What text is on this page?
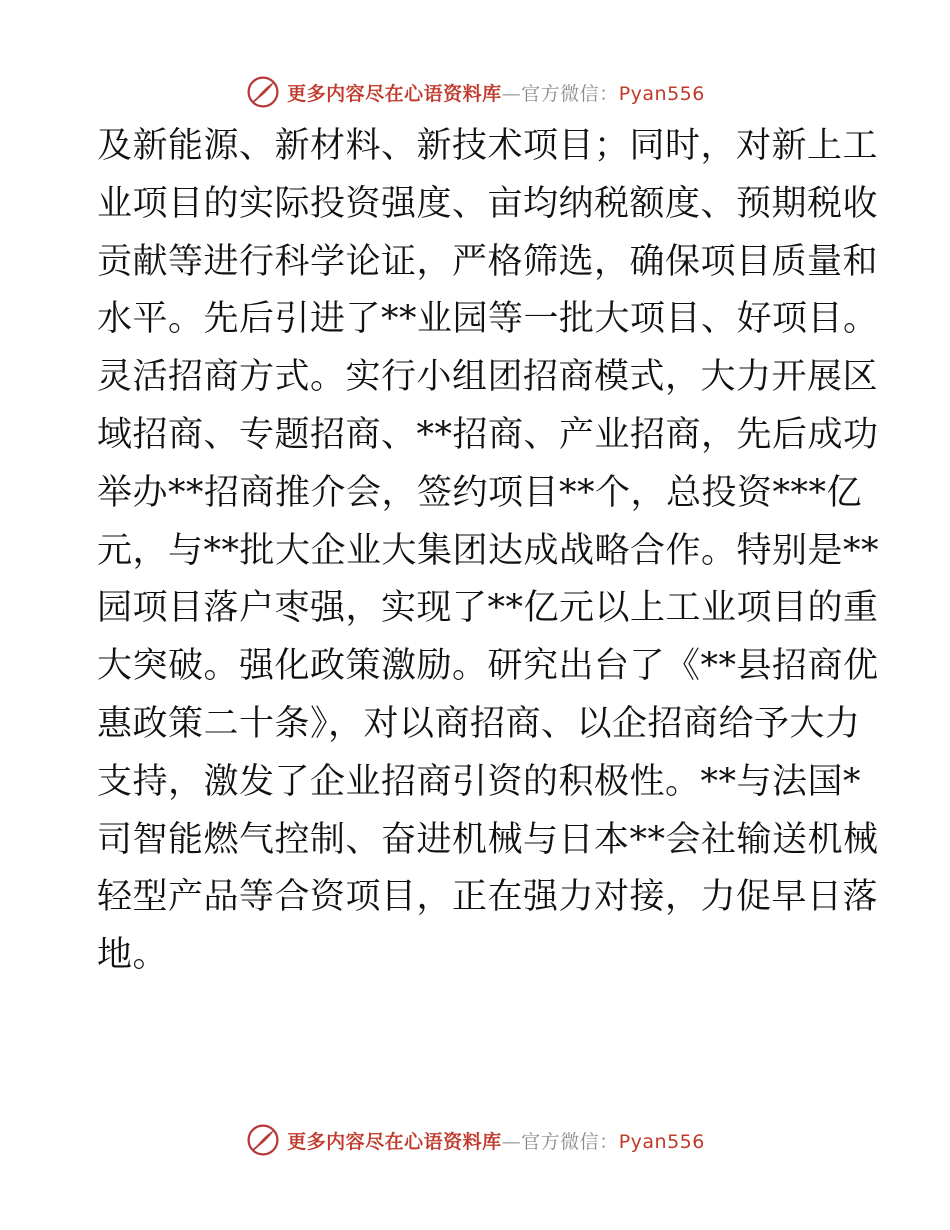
更多内容尽在心语资料库—官方微信：Pyan556
及新能源、新材料、新技术项目；同时，对新上工
业项目的实际投资强度、亩均纳税额度、预期税收
贡献等进行科学论证，严格筛选，确保项目质量和
水平。先后引进了**业园等一批大项目、好项目。
灵活招商方式。实行小组团招商模式，大力开展区
域招商、专题招商、**招商、产业招商，先后成功
举办**招商推介会，签约项目**个，总投资***亿
元，与**批大企业大集团达成战略合作。特别是**
园项目落户枣强，实现了**亿元以上工业项目的重
大突破。强化政策激励。研究出台了《**县招商优
惠政策二十条》，对以商招商、以企招商给予大力
支持，激发了企业招商引资的积极性。**与法国*
司智能燃气控制、奋进机械与日本**会社输送机械
轻型产品等合资项目，正在强力对接，力促早日落
地。
更多内容尽在心语资料库—官方微信：Pyan556
